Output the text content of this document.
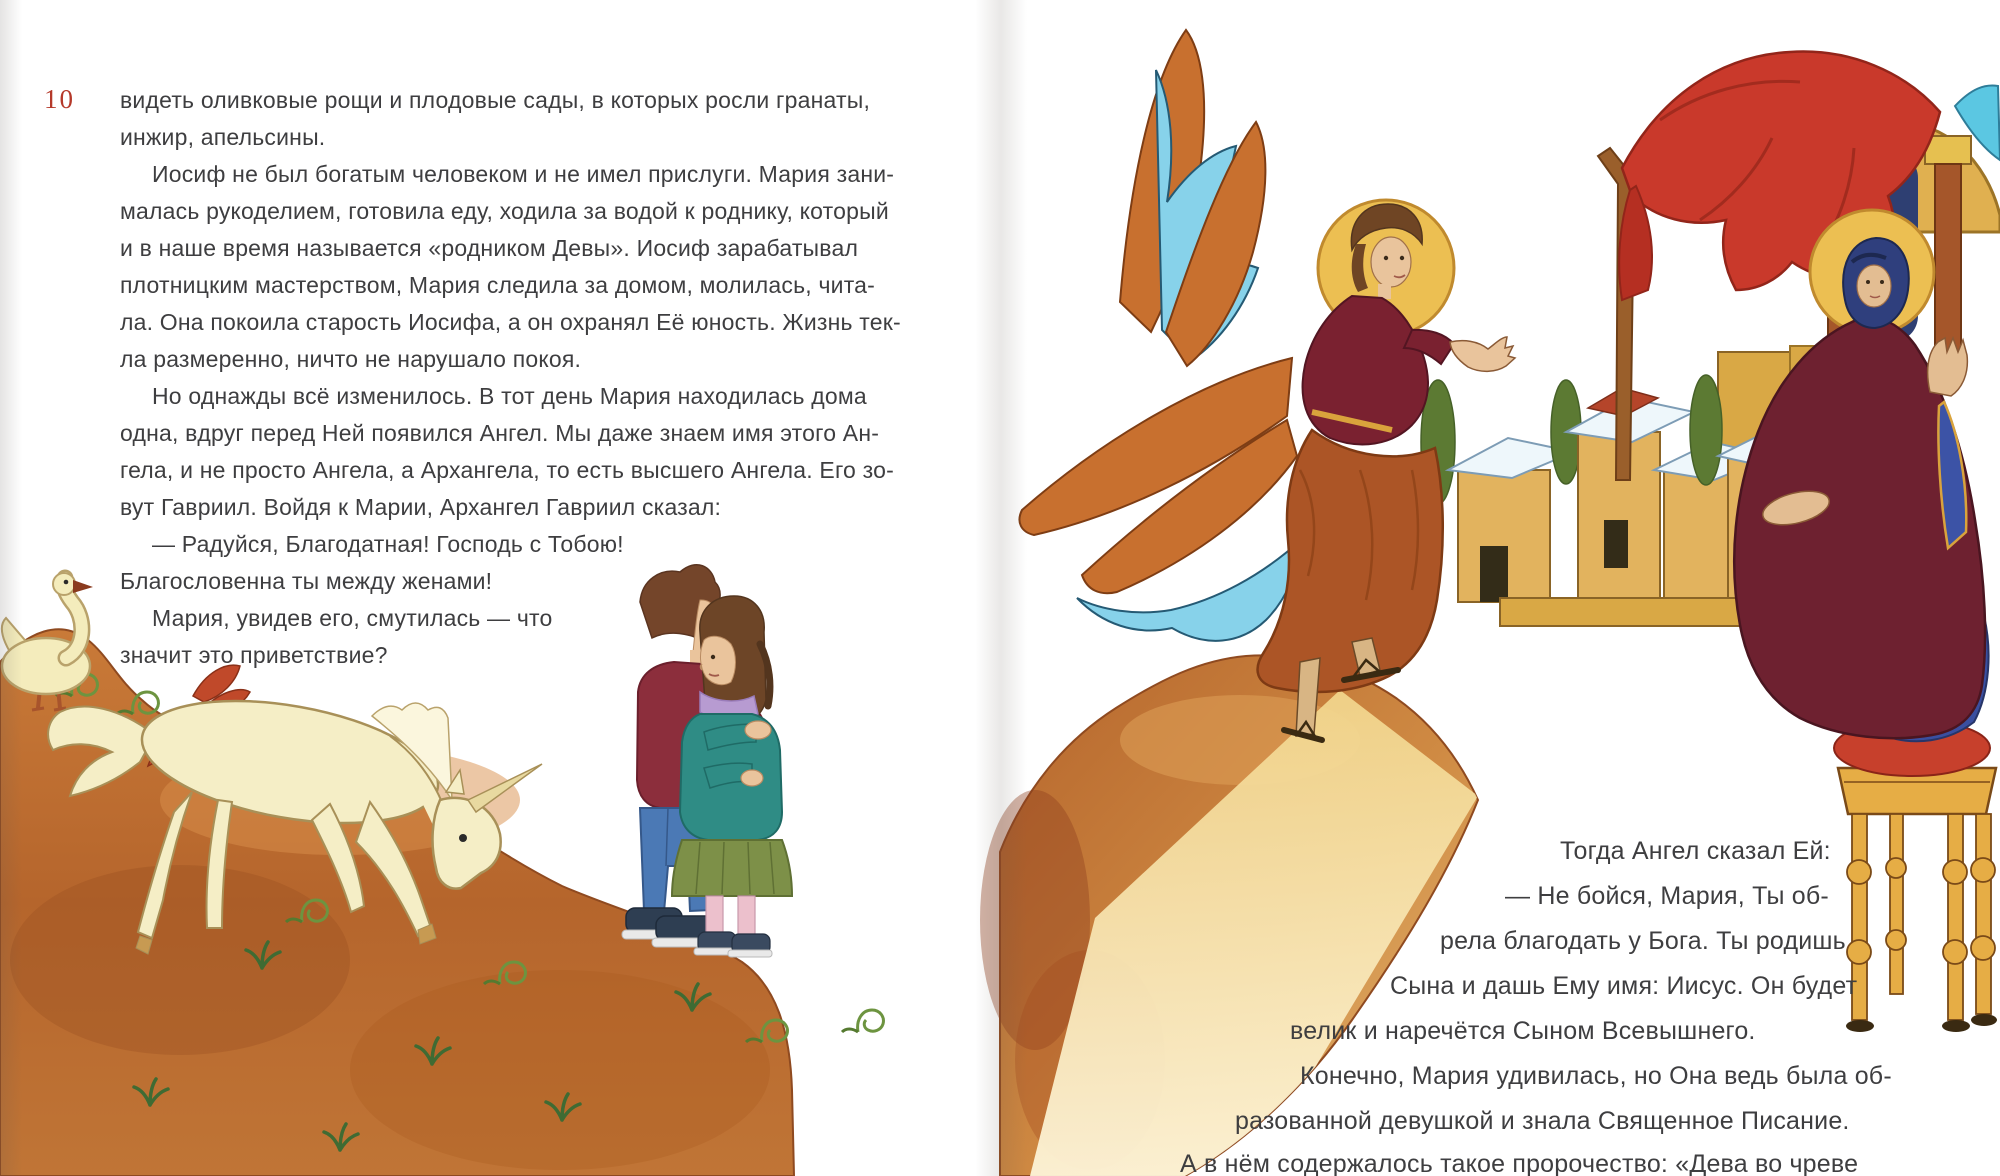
10 видеть оливковые рощи и плодовые сады, в которых росли гранаты,
инжир, апельсины.
Иосиф не был богатым человеком и не имел прислуги. Мария зани-
малась рукоделием, готовила еду, ходила за водой к роднику, который
и в наше время называется «родником Девы». Иосиф зарабатывал
плотницким мастерством, Мария следила за домом, молилась, чита-
ла. Она покоила старость Иосифа, а он охранял Её юность. Жизнь тек-
ла размеренно, ничто не нарушало покоя.
Но однажды всё изменилось. В тот день Мария находилась дома
одна, вдруг перед Ней появился Ангел. Мы даже знаем имя этого Ан-
гела, и не просто Ангела, а Архангела, то есть высшего Ангела. Его зо-
вут Гавриил. Войдя к Марии, Архангел Гавриил сказал:
— Радуйся, Благодатная! Господь с Тобою!
Благословенна ты между женами!
Мария, увидев его, смутилась — что
значит это приветствие?
Тогда Ангел сказал Ей:
— Не бойся, Мария, Ты об-
рела благодать у Бога. Ты родишь
Сына и дашь Ему имя: Иисус. Он будет
велик и наречётся Сыном Всевышнего.
Конечно, Мария удивилась, но Она ведь была об-
разованной девушкой и знала Священное Писание.
А в нём содержалось такое пророчество: «Дева во чреве
